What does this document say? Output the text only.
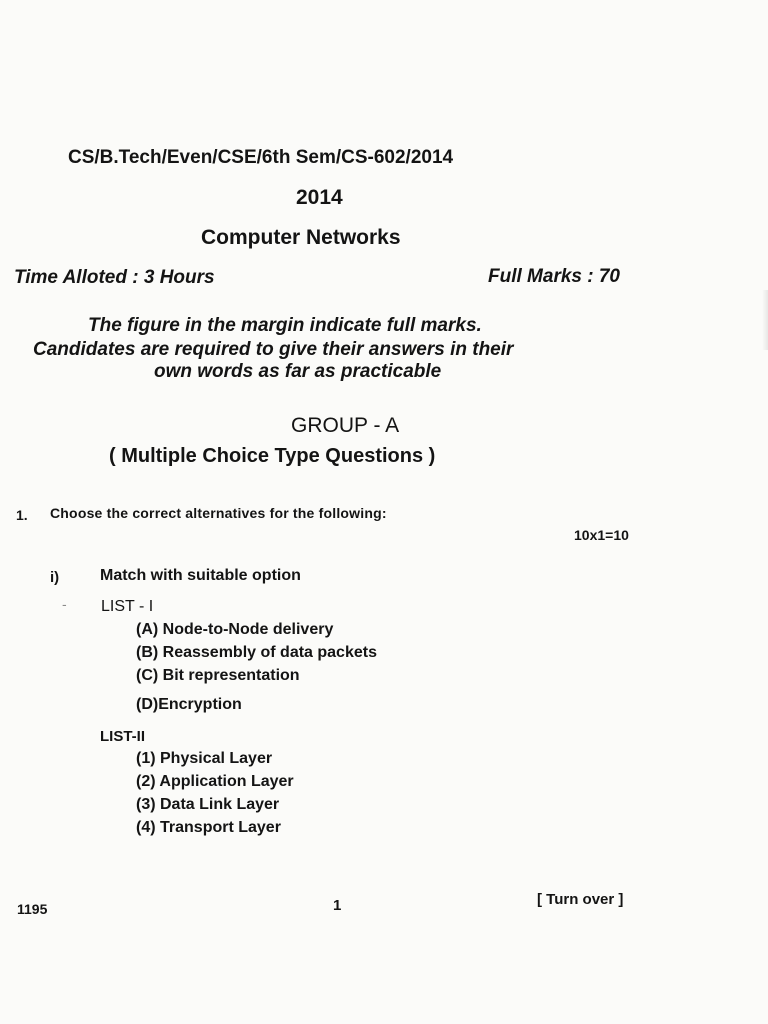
CS/B.Tech/Even/CSE/6th Sem/CS-602/2014
2014
Computer Networks
Time Alloted : 3 Hours	Full Marks : 70
The figure in the margin indicate full marks.
Candidates are required to give their answers in their
own words as far as practicable
GROUP - A
( Multiple Choice Type Questions )
1. Choose the correct alternatives for the following:
10x1=10
i)	Match with suitable option
- LIST - I
(A) Node-to-Node delivery
(B) Reassembly of data packets
(C) Bit representation
(D)Encryption
LIST-II
(1) Physical Layer
(2) Application Layer
(3) Data Link Layer
(4) Transport Layer
1195	1	[ Turn over ]
